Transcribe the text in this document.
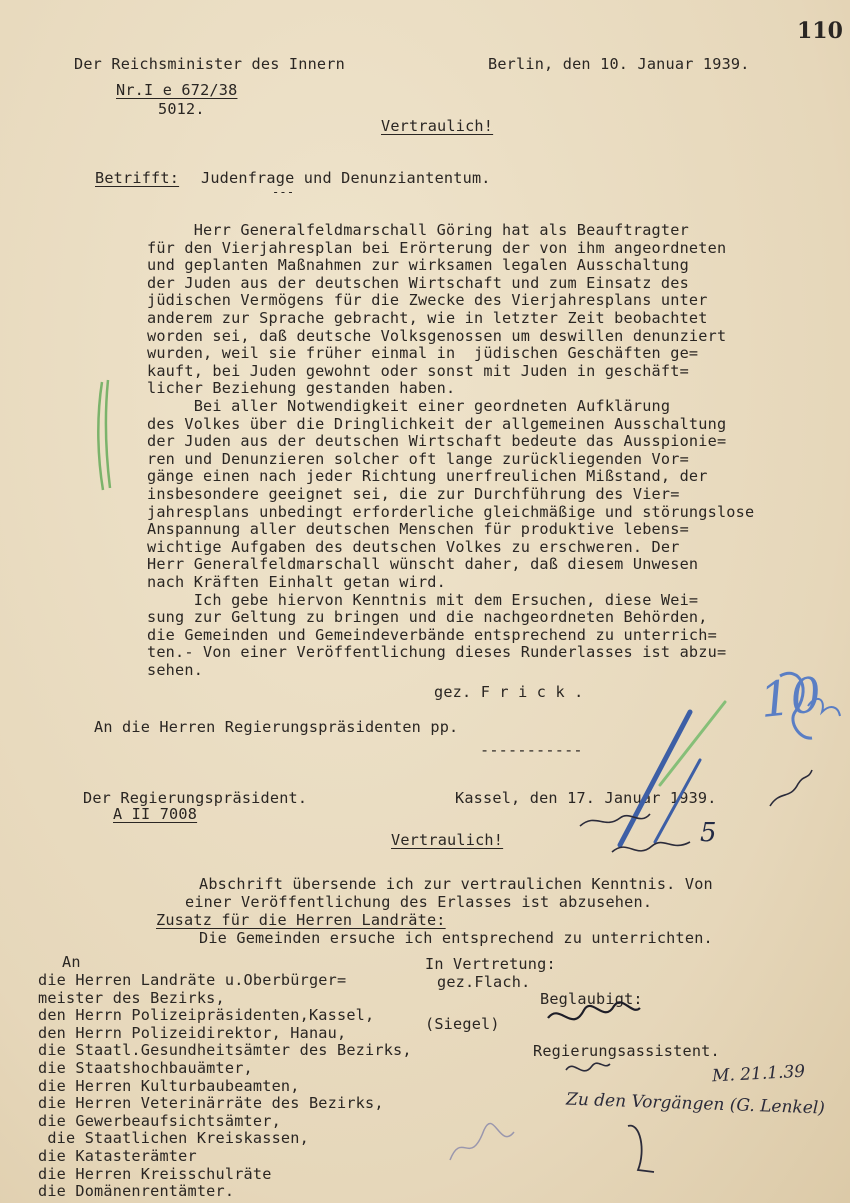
110
Der Reichsminister des Innern	Berlin, den 10. Januar 1939.
Nr.I e 672/38
5012.
Vertraulich!
Betrifft: Judenfrage und Denunziantentum.
---
Herr Generalfeldmarschall Göring hat als Beauftragter
für den Vierjahresplan bei Erörterung der von ihm angeordneten
und geplanten Maßnahmen zur wirksamen legalen Ausschaltung
der Juden aus der deutschen Wirtschaft und zum Einsatz des
jüdischen Vermögens für die Zwecke des Vierjahresplans unter
anderem zur Sprache gebracht, wie in letzter Zeit beobachtet
worden sei, daß deutsche Volksgenossen um deswillen denunziert
wurden, weil sie früher einmal in  jüdischen Geschäften ge=
kauft, bei Juden gewohnt oder sonst mit Juden in geschäft=
licher Beziehung gestanden haben.
Bei aller Notwendigkeit einer geordneten Aufklärung
des Volkes über die Dringlichkeit der allgemeinen Ausschaltung
der Juden aus der deutschen Wirtschaft bedeute das Ausspionie=
ren und Denunzieren solcher oft lange zurückliegenden Vor=
gänge einen nach jeder Richtung unerfreulichen Mißstand, der
insbesondere geeignet sei, die zur Durchführung des Vier=
jahresplans unbedingt erforderliche gleichmäßige und störungslose
Anspannung aller deutschen Menschen für produktive lebens=
wichtige Aufgaben des deutschen Volkes zu erschweren. Der
Herr Generalfeldmarschall wünscht daher, daß diesem Unwesen
nach Kräften Einhalt getan wird.
Ich gebe hiervon Kenntnis mit dem Ersuchen, diese Wei=
sung zur Geltung zu bringen und die nachgeordneten Behörden,
die Gemeinden und Gemeindeverbände entsprechend zu unterrich=
ten.- Von einer Veröffentlichung dieses Runderlasses ist abzu=
sehen.
gez. F r i c k .
An die Herren Regierungspräsidenten pp.
-----------
Der Regierungspräsident.
A II 7008
Kassel, den 17. Januar 1939.
Vertraulich!
Abschrift übersende ich zur vertraulichen Kenntnis. Von
einer Veröffentlichung des Erlasses ist abzusehen.
Zusatz für die Herren Landräte:
Die Gemeinden ersuche ich entsprechend zu unterrichten.
An
die Herren Landräte u.Oberbürger=
meister des Bezirks,
den Herrn Polizeipräsidenten,Kassel,
den Herrn Polizeidirektor, Hanau,
die Staatl.Gesundheitsämter des Bezirks,
die Staatshochbauämter,
die Herren Kulturbaubeamten,
die Herren Veterinärräte des Bezirks,
die Gewerbeaufsichtsämter,
die Staatlichen Kreiskassen,
die Katasterämter
die Herren Kreisschulräte
die Domänenrentämter.
In Vertretung:
gez.Flach.
(Siegel)
Beglaubigt:
Regierungsassistent.
M. 21.1.39
Zu den Vorgängen (G. Lenkel)
10
5
